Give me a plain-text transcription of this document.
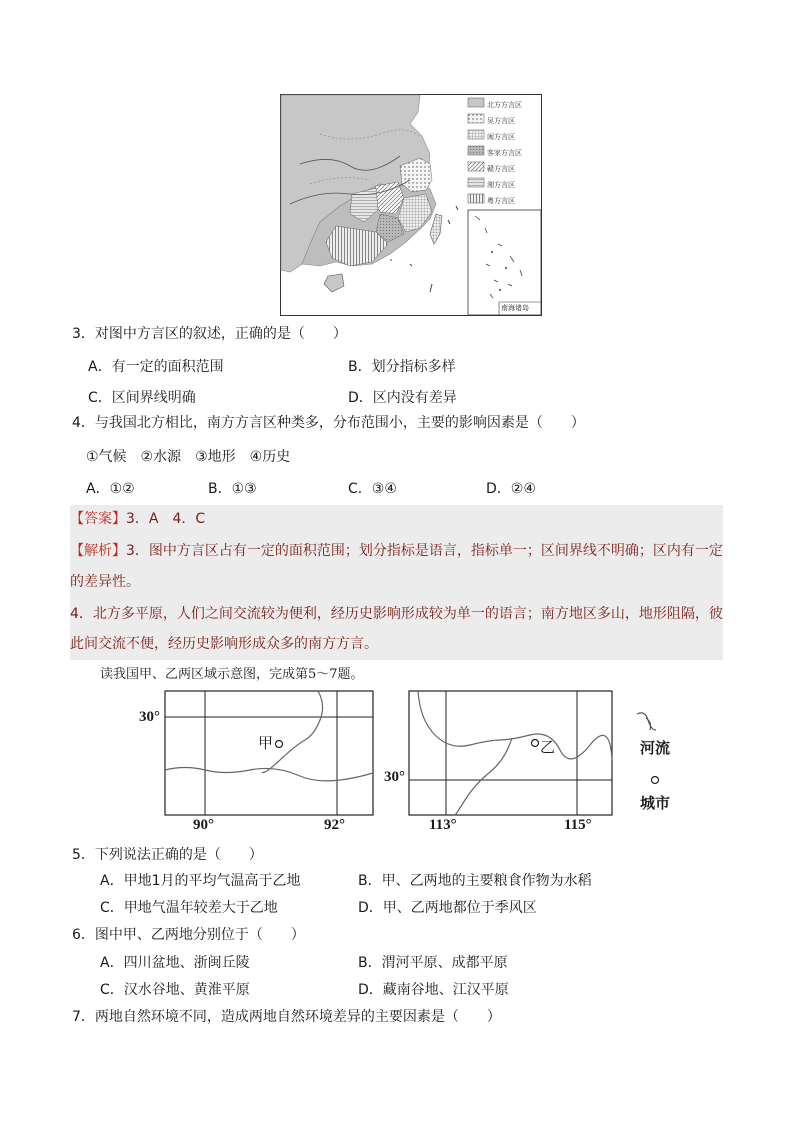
北方方言区
吴方言区
闽方言区
客家方言区
赣方言区
湘方言区
粤方言区
南海诸岛
3．对图中方言区的叙述，正确的是（　　）
A．有一定的面积范围	B．划分指标多样
C．区间界线明确	D．区内没有差异
4．与我国北方相比，南方方言区种类多，分布范围小，主要的影响因素是（　　）
①气候　②水源　③地形　④历史
A．①②	B．①③	C．③④	D．②④
【答案】3．A　4．C
【解析】3．图中方言区占有一定的面积范围；划分指标是语言，指标单一；区间界线不明确；区内有一定
的差异性。
4．北方多平原，人们之间交流较为便利，经历史影响形成较为单一的语言；南方地区多山，地形阻隔，彼
此间交流不便，经历史影响形成众多的南方方言。
读我国甲、乙两区域示意图，完成第5～7题。
30°
90°	92°
甲
30°
113°	115°
乙	河流
城市
5．下列说法正确的是（　　）
A．甲地1月的平均气温高于乙地	B．甲、乙两地的主要粮食作物为水稻
C．甲地气温年较差大于乙地	D．甲、乙两地都位于季风区
6．图中甲、乙两地分别位于（　　）
A．四川盆地、浙闽丘陵	B．渭河平原、成都平原
C．汉水谷地、黄淮平原	D．藏南谷地、江汉平原
7．两地自然环境不同，造成两地自然环境差异的主要因素是（　　）
